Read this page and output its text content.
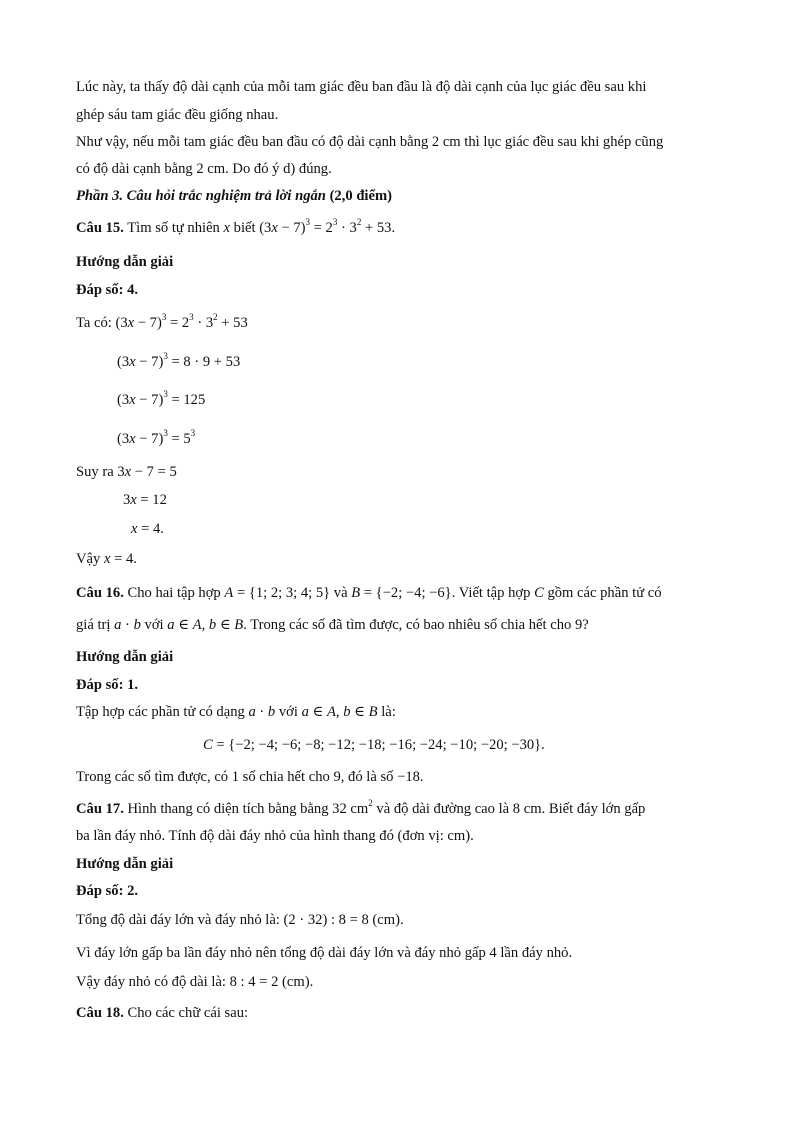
Lúc này, ta thấy độ dài cạnh của mỗi tam giác đều ban đầu là độ dài cạnh của lục giác đều sau khi
ghép sáu tam giác đều giống nhau.
Như vậy, nếu mỗi tam giác đều ban đầu có độ dài cạnh bằng 2 cm thì lục giác đều sau khi ghép cũng
có độ dài cạnh bằng 2 cm. Do đó ý d) đúng.
Phần 3. Câu hỏi trắc nghiệm trả lời ngắn (2,0 điểm)
Câu 15. Tìm số tự nhiên x biết $(3x - 7)^3 = 2^3 \cdot 3^2 + 53$.
Hướng dẫn giải
Đáp số: 4.
Ta có: $(3x - 7)^3 = 2^3 \cdot 3^2 + 53$
$(3x - 7)^3 = 8 \cdot 9 + 53$
$(3x - 7)^3 = 125$
$(3x - 7)^3 = 5^3$
Suy ra 3x − 7 = 5
3x = 12
x = 4.
Vậy x = 4.
Câu 16. Cho hai tập hợp A = {1; 2; 3; 4; 5} và B = {−2; −4; −6}. Viết tập hợp C gồm các phần tử có
giá trị a · b với a ∈ A, b ∈ B. Trong các số đã tìm được, có bao nhiêu số chia hết cho 9?
Hướng dẫn giải
Đáp số: 1.
Tập hợp các phần tử có dạng a · b với a ∈ A, b ∈ B là:
C = {−2; −4; −6; −8; −12; −18; −16; −24; −10; −20; −30}.
Trong các số tìm được, có 1 số chia hết cho 9, đó là số −18.
Câu 17. Hình thang có diện tích bằng bằng 32 $cm^2$ và độ dài đường cao là 8 cm. Biết đáy lớn gấp
ba lần đáy nhỏ. Tính độ dài đáy nhỏ của hình thang đó (đơn vị: cm).
Hướng dẫn giải
Đáp số: 2.
Tổng độ dài đáy lớn và đáy nhỏ là: (2 · 32) : 8 = 8 (cm).
Vì đáy lớn gấp ba lần đáy nhỏ nên tổng độ dài đáy lớn và đáy nhỏ gấp 4 lần đáy nhỏ.
Vậy đáy nhỏ có độ dài là: 8 : 4 = 2 (cm).
Câu 18. Cho các chữ cái sau:
